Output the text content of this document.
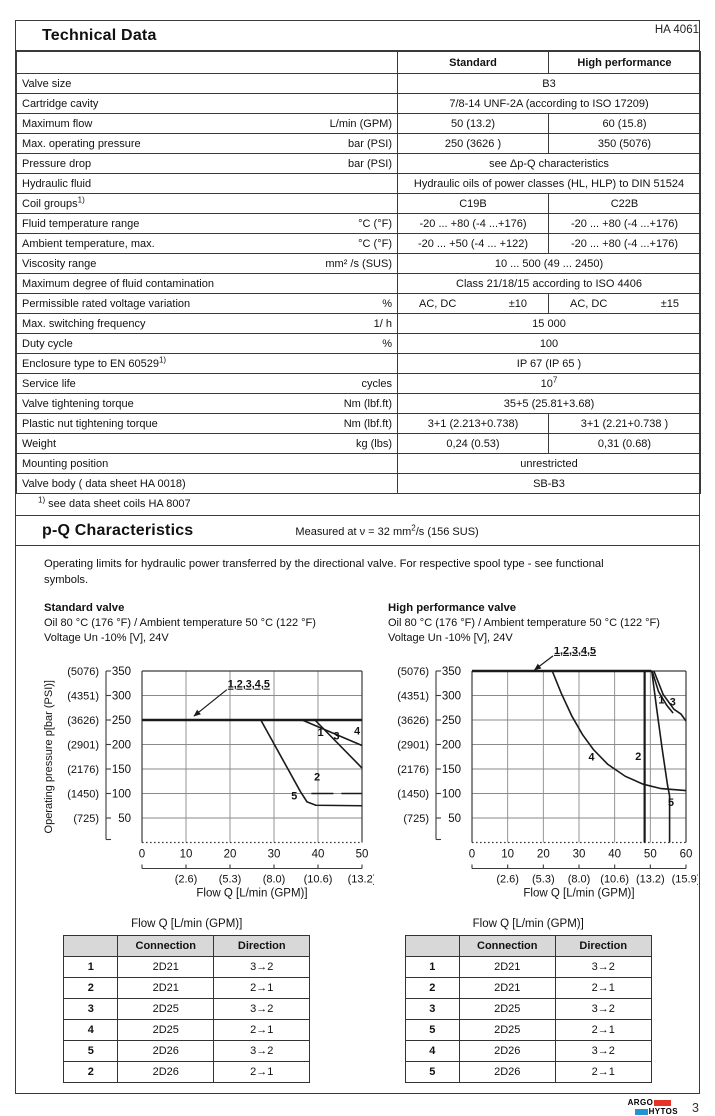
HA 4061
Technical Data
	Standard	High performance

Valve size	B3	

Cartridge cavity	7/8-14 UNF-2A (according to ISO 17209)	

Maximum flow L/min (GPM)	50 (13.2)	60 (15.8)

Max. operating pressure bar (PSI)	250 (3626 )	350 (5076)

Pressure drop bar (PSI)	see Δp-Q characteristics	

Hydraulic fluid	Hydraulic oils of power classes (HL, HLP) to DIN 51524	

Coil groups$^{1)}$	C19B	C22B

Fluid temperature range °C (°F)	-20 ... +80 (-4 ...+176)	-20 ... +80 (-4 ...+176)

Ambient temperature, max. °C (°F)	-20 ... +50 (-4 ... +122)	-20 ... +80 (-4 ...+176)

Viscosity range mm² /s (SUS)	10 ... 500 (49 ... 2450)	

Maximum degree of fluid contamination	Class 21/18/15 according to ISO 4406	

Permissible rated voltage variation %	AC, DC ±10	AC, DC ±15

Max. switching frequency 1/ h	15 000	

Duty cycle %	100	

Enclosure type to EN 60529$^{1)}$	IP 67 (IP 65 )	

Service life cycles	$10^7$

Valve tightening torque Nm (lbf.ft)	35+5 (25.81+3.68)	

Plastic nut tightening torque Nm (lbf.ft)	3+1 (2.213+0.738)	3+1 (2.21+0.738 )

Weight kg (lbs)	0,24 (0.53)	0,31 (0.68)

Mounting position	unrestricted	

Valve body ( data sheet HA 0018)	SB-B3	
$^{1)}$ see data sheet coils HA 8007
p-Q Characteristics	Measured at ν = 32 $mm^2/s$ (156 SUS)
Operating limits for hydraulic power transferred by the directional valve. For respective spool type - see functional symbols.
Standard valve
Oil 80 °C (176 °F) / Ambient temperature 50 °C (122 °F)
Voltage Un -10% [V], 24V
350
(5076)
300
(4351)
250
(3626)
200
(2901)
150
(2176)
100
(1450)
50
(725)
Operating pressure p[bar (PSI)]
0	10	20	30	40	50
(2.6) (5.3) (8.0) (10.6) (13.2)
Flow Q [L/min (GPM)]
5
1 3 4
2
1,2,3,4,5
High performance valve
Oil 80 °C (176 °F) / Ambient temperature 50 °C (122 °F)
Voltage Un -10% [V], 24V
350
(5076)
300
(4351)
250
(3626)
200
(2901)
150
(2176)
100
(1450)
50
(725)
0 10 20 30 40 50 60
(2.6) (5.3) (8.0) (10.6) (13.2) (15.9)
Flow Q [L/min (GPM)]
4	2
5
1 3
1,2,3,4,5
Flow Q [L/min (GPM)]
	Connection	Direction
1	2D21	3→2
2	2D21	2→1
3	2D25	3→2
4	2D25	2→1
5	2D26	3→2
2	2D26	2→1
Flow Q [L/min (GPM)]
	Connection	Direction
1	2D21	3→2
2	2D21	2→1
3	2D25	3→2
5	2D25	2→1
4	2D26	3→2
5	2D26	2→1
ARGO
HYTOS 3
